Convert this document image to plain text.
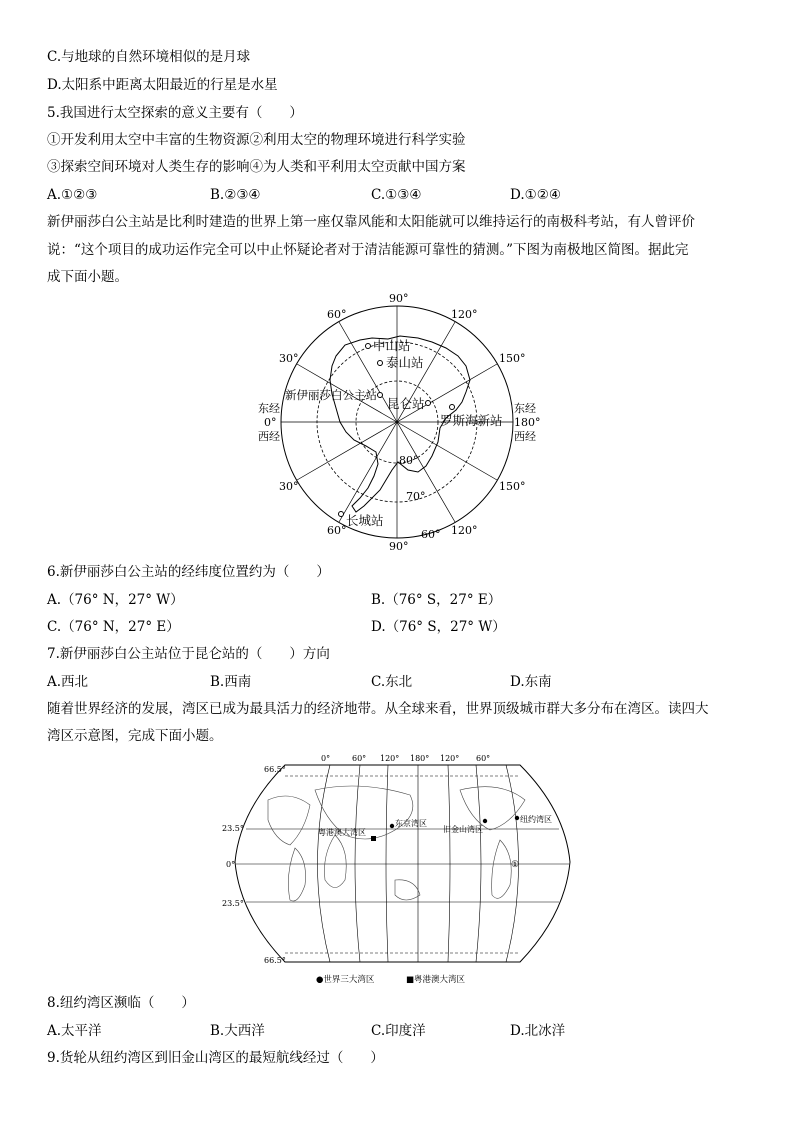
C.与地球的自然环境相似的是月球
D.太阳系中距离太阳最近的行星是水星
5.我国进行太空探索的意义主要有（　　）
①开发利用太空中丰富的生物资源②利用太空的物理环境进行科学实验
③探索空间环境对人类生存的影响④为人类和平利用太空贡献中国方案
A.①②③	B.②③④	C.①③④	D.①②④
新伊丽莎白公主站是比利时建造的世界上第一座仅靠风能和太阳能就可以维持运行的南极科考站，有人曾评价
说：“这个项目的成功运作完全可以中止怀疑论者对于清洁能源可靠性的猜测。”下图为南极地区简图。据此完
成下面小题。
90°
60°	120°
30°	150°
东经
0°
西经
东经
180°
西经
30°	150°
60°
90°
60° 120°
80°
70°
中山站
泰山站
新伊丽莎白公主站
昆仑站
罗斯海新站
长城站
6.新伊丽莎白公主站的经纬度位置约为（　　）
A.（76° N，27° W）	B.（76° S，27° E）
C.（76° N，27° E）	D.（76° S，27° W）
7.新伊丽莎白公主站位于昆仑站的（　　）方向
A.西北	B.西南	C.东北	D.东南
随着世界经济的发展，湾区已成为最具活力的经济地带。从全球来看，世界顶级城市群大多分布在湾区。读四大
湾区示意图，完成下面小题。
0°	60° 120° 180° 120° 60°
66.5°
23.5°
0°
23.5°
66.5°
东京湾区
粤港澳大湾区	旧金山湾区
纽约湾区
①
●世界三大湾区	■粤港澳大湾区
8.纽约湾区濒临（　　）
A.太平洋	B.大西洋	C.印度洋	D.北冰洋
9.货轮从纽约湾区到旧金山湾区的最短航线经过（　　）
